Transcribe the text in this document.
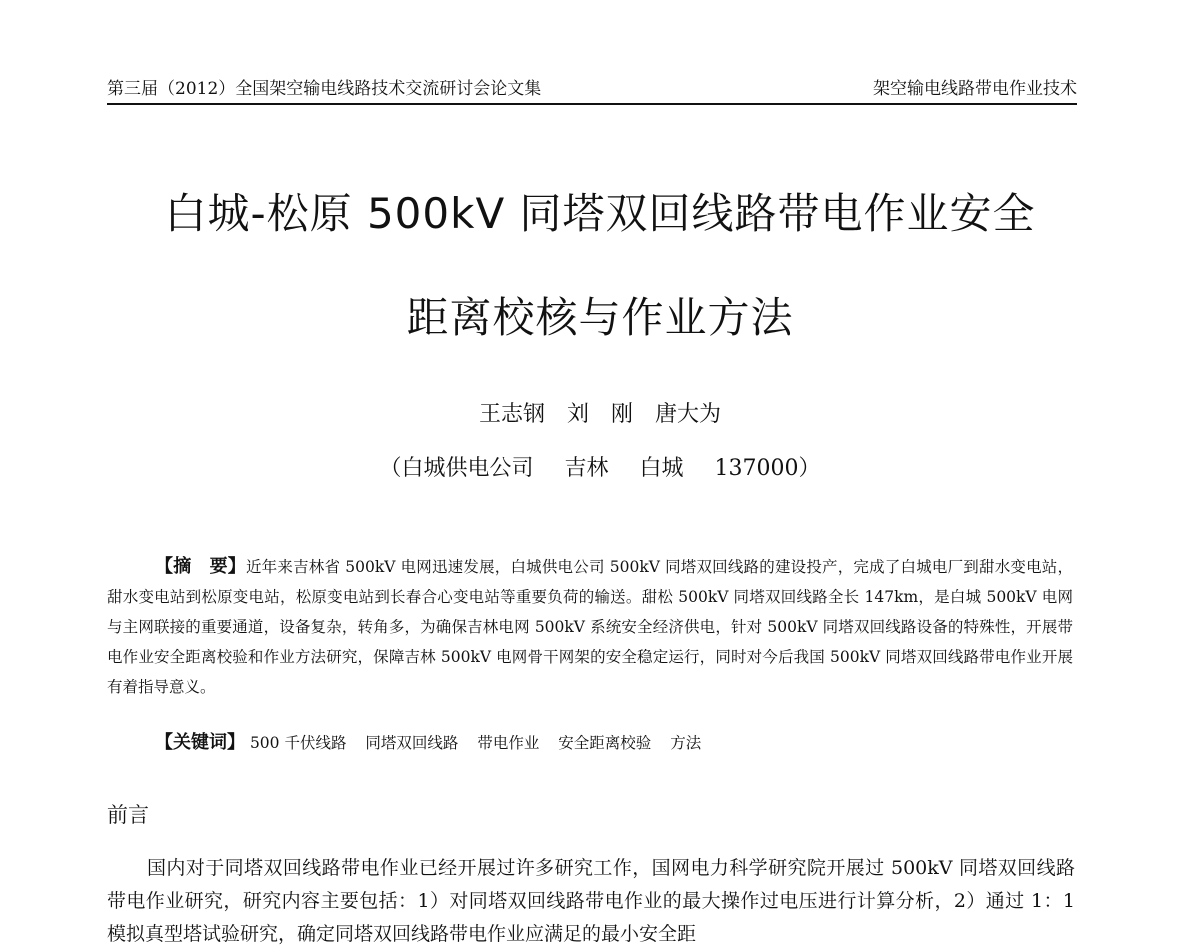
第三届（2012）全国架空输电线路技术交流研讨会论文集	架空输电线路带电作业技术
白城-松原 500kV 同塔双回线路带电作业安全
距离校核与作业方法
王志钢　刘　刚　唐大为
（白城供电公司 吉林 白城 137000）
【摘　要】近年来吉林省 500kV 电网迅速发展，白城供电公司 500kV 同塔双回线路的建设投产，完成了白城电厂到甜水变电站，甜水变电站到松原变电站，松原变电站到长春合心变电站等重要负荷的输送。甜松 500kV 同塔双回线路全长 147km，是白城 500kV 电网与主网联接的重要通道，设备复杂，转角多，为确保吉林电网 500kV 系统安全经济供电，针对 500kV 同塔双回线路设备的特殊性，开展带电作业安全距离校验和作业方法研究，保障吉林 500kV 电网骨干网架的安全稳定运行，同时对今后我国 500kV 同塔双回线路带电作业开展有着指导意义。
【关键词】 500 千伏线路 同塔双回线路 带电作业 安全距离校验 方法
前言

国内对于同塔双回线路带电作业已经开展过许多研究工作，国网电力科学研究院开展过 500kV 同塔双回线路带电作业研究，研究内容主要包括：1）对同塔双回线路带电作业的最大操作过电压进行计算分析，2）通过 1：1 模拟真型塔试验研究，确定同塔双回线路带电作业应满足的最小安全距
